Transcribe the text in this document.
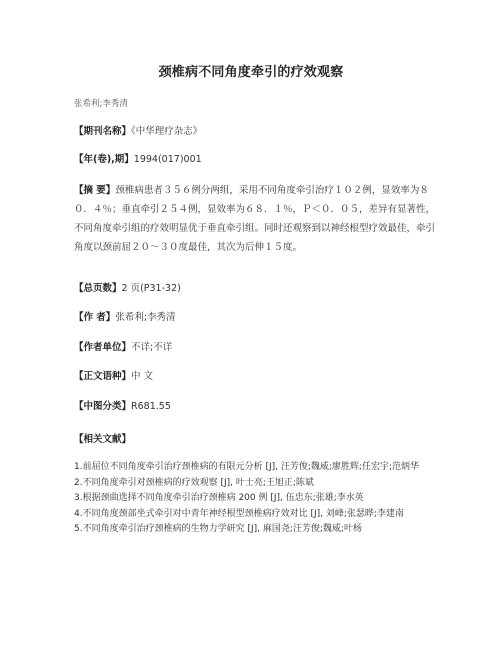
颈椎病不同角度牵引的疗效观察
张希利;李秀清
【期刊名称】《中华理疗杂志》
【年(卷),期】1994(017)001
【摘 要】颈椎病患者３５６例分两组，采用不同角度牵引治疗１０２例，显效率为８０．４％；垂直牵引２５４例，显效率为６８．１％，Ｐ＜０．０５，差异有显著性，不同角度牵引组的疗效明显优于垂直牵引组。同时还观察到以神经根型疗效最佳，牵引角度以颈前屈２０～３０度最佳，其次为后伸１５度。
【总页数】2 页(P31-32)
【作 者】张希利;李秀清
【作者单位】不详;不详
【正文语种】中 文
【中图分类】R681.55
【相关文献】
1.前屈位不同角度牵引治疗颈椎病的有限元分析 [J], 汪芳俊;魏威;廖胜辉;任宏宇;范炳华
2.不同角度牵引对颈椎病的疗效观察 [J], 叶士亮;王旭正;陈斌
3.根据颈曲选择不同角度牵引治疗颈椎病 200 例 [J], 伍忠东;张雄;李水英
4.不同角度颈部坐式牵引对中青年神经根型颈椎病疗效对比 [J], 刘峰;张瑟晔;李建南
5.不同角度牵引治疗颈椎病的生物力学研究 [J], 麻国尧;汪芳俊;魏威;叶杨
